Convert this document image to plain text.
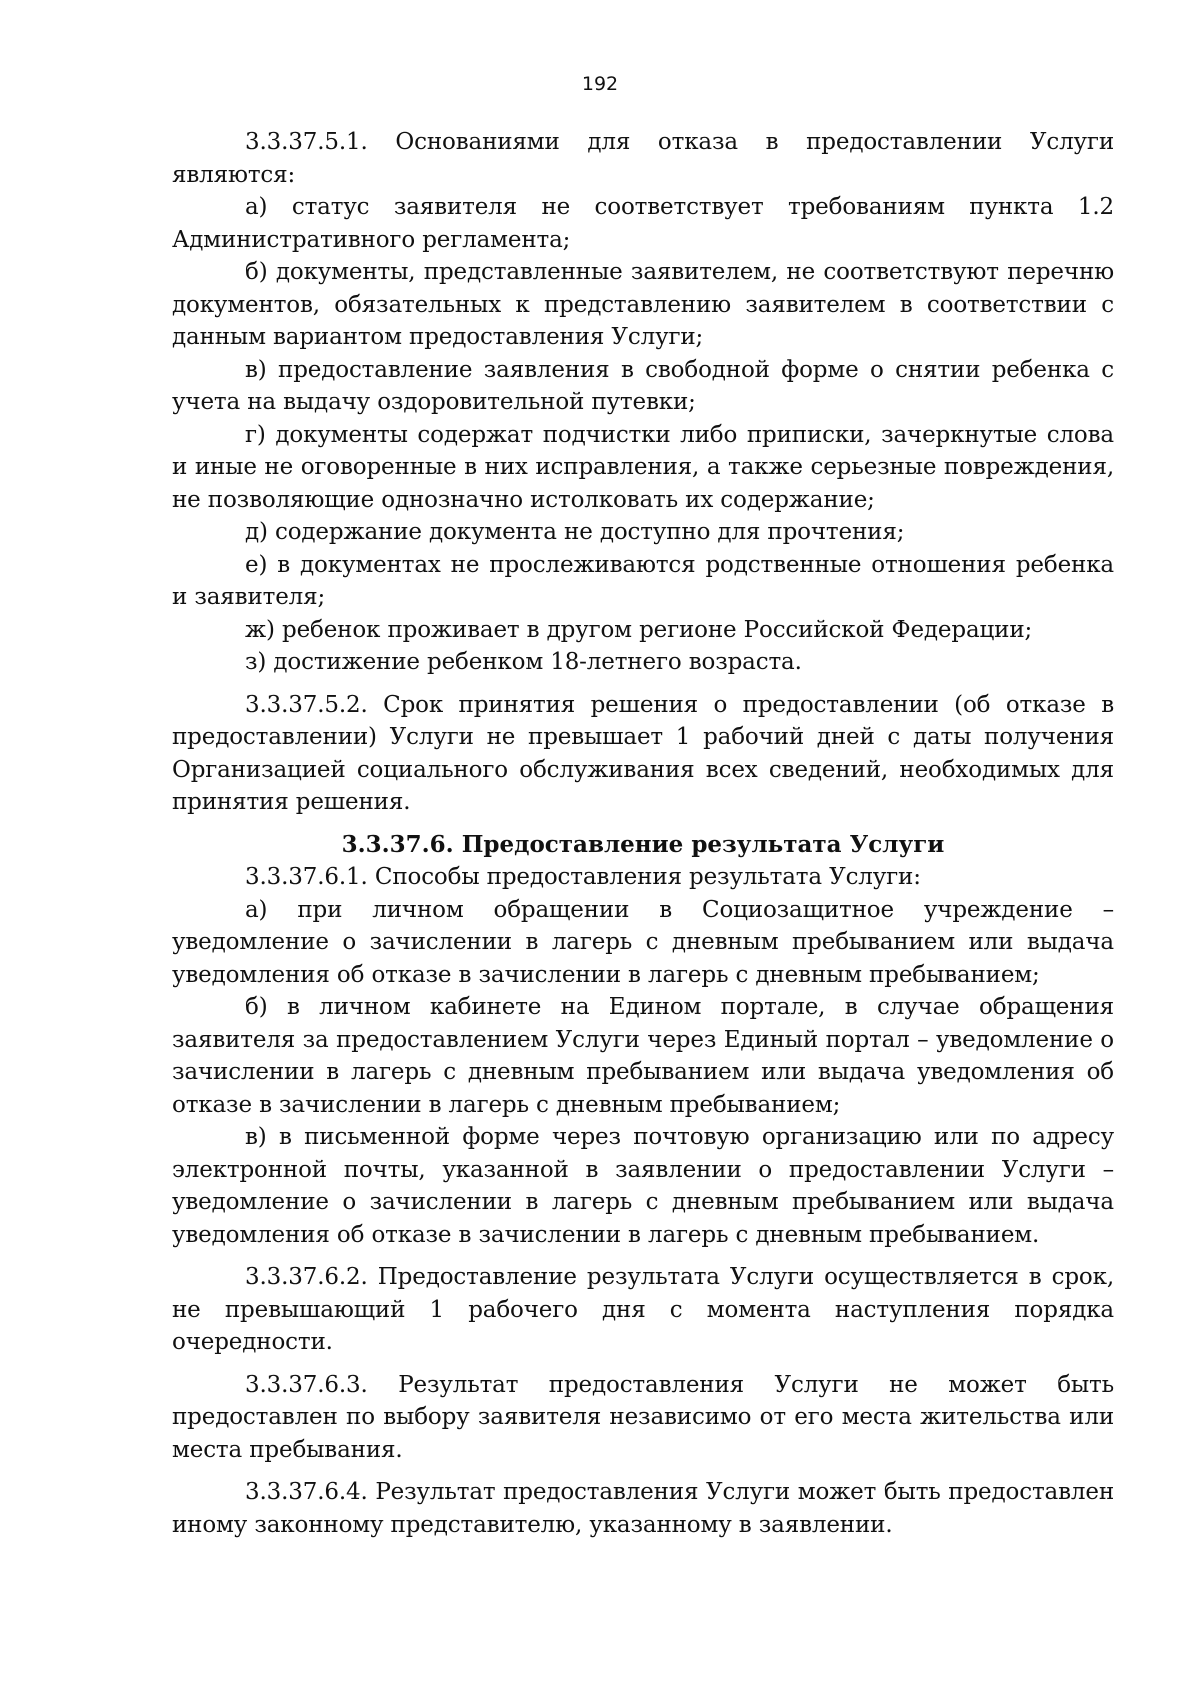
192

3.3.37.5.1. Основаниями для отказа в предоставлении Услуги являются:

а) статус заявителя не соответствует требованиям пункта 1.2 Административного регламента;

б) документы, представленные заявителем, не соответствуют перечню документов, обязательных к представлению заявителем в соответствии с данным вариантом предоставления Услуги;

в) предоставление заявления в свободной форме о снятии ребенка с учета на выдачу оздоровительной путевки;

г) документы содержат подчистки либо приписки, зачеркнутые слова и иные не оговоренные в них исправления, а также серьезные повреждения, не позволяющие однозначно истолковать их содержание;

д) содержание документа не доступно для прочтения;

е) в документах не прослеживаются родственные отношения ребенка и заявителя;

ж) ребенок проживает в другом регионе Российской Федерации;

з) достижение ребенком 18-летнего возраста.

3.3.37.5.2. Срок принятия решения о предоставлении (об отказе в предоставлении) Услуги не превышает 1 рабочий дней с даты получения Организацией социального обслуживания всех сведений, необходимых для принятия решения.

3.3.37.6. Предоставление результата Услуги

3.3.37.6.1. Способы предоставления результата Услуги:

а) при личном обращении в Социозащитное учреждение – уведомление о зачислении в лагерь с дневным пребыванием или выдача уведомления об отказе в зачислении в лагерь с дневным пребыванием;

б) в личном кабинете на Едином портале, в случае обращения заявителя за предоставлением Услуги через Единый портал – уведомление о зачислении в лагерь с дневным пребыванием или выдача уведомления об отказе в зачислении в лагерь с дневным пребыванием;

в) в письменной форме через почтовую организацию или по адресу электронной почты, указанной в заявлении о предоставлении Услуги – уведомление о зачислении в лагерь с дневным пребыванием или выдача уведомления об отказе в зачислении в лагерь с дневным пребыванием.

3.3.37.6.2. Предоставление результата Услуги осуществляется в срок, не превышающий 1 рабочего дня с момента наступления порядка очередности.

3.3.37.6.3. Результат предоставления Услуги не может быть предоставлен по выбору заявителя независимо от его места жительства или места пребывания.

3.3.37.6.4. Результат предоставления Услуги может быть предоставлен иному законному представителю, указанному в заявлении.
